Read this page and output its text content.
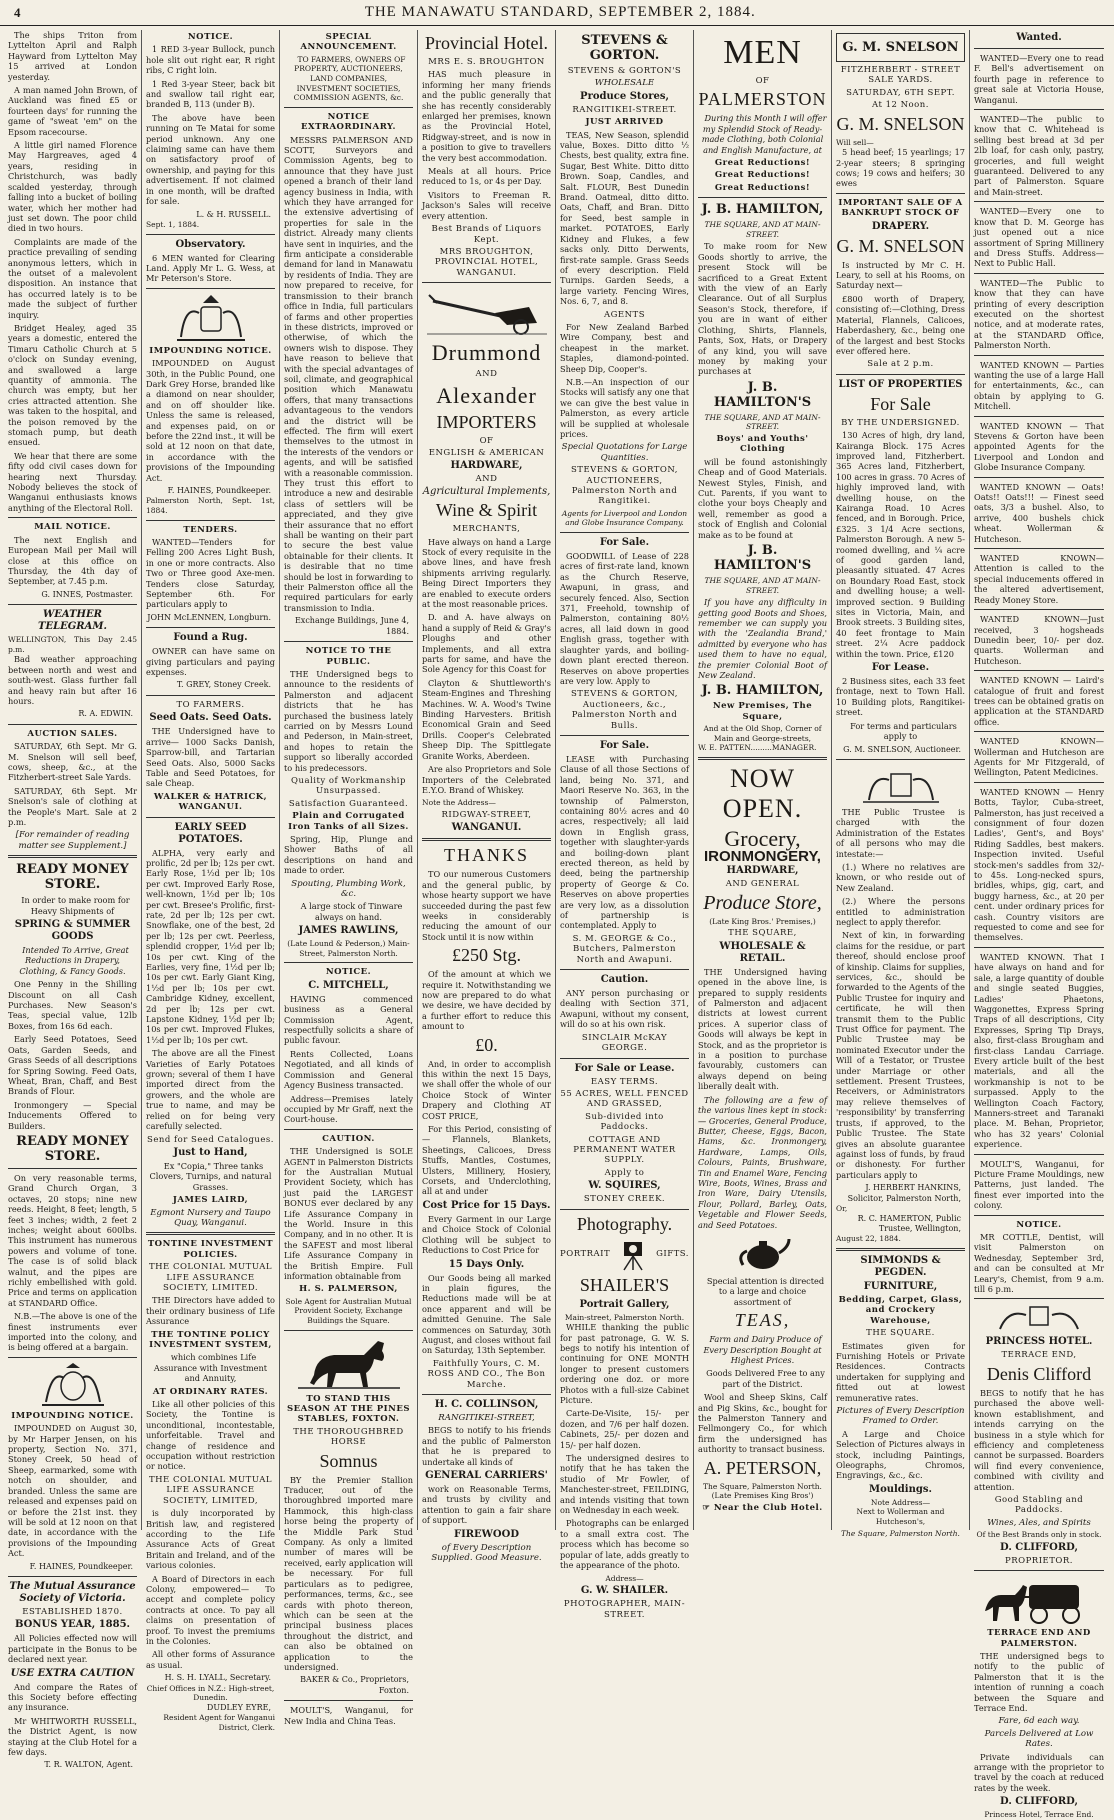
4	THE MANAWATU STANDARD, SEPTEMBER 2, 1884.

The ships Triton from Lyttelton April and Ralph Hayward from Lyttelton May 15 arrived at London yesterday.

A man named John Brown, of Auckland was fined £5 or fourteen days' for running the game of "sweat 'em" on the Epsom racecourse.

A little girl named Florence May Hargreaves, aged 4 years, residing in Christchurch, was badly scalded yesterday, through falling into a bucket of boiling water, which her mother had just set down. The poor child died in two hours.

Complaints are made of the practice prevailing of sending anonymous letters, which in the outset of a malevolent disposition. An instance that has occurred lately is to be made the subject of further inquiry.

Bridget Healey, aged 35 years a domestic, entered the Timaru Catholic Church at 5 o'clock on Sunday evening, and swallowed a large quantity of ammonia. The church was empty, but her cries attracted attention. She was taken to the hospital, and the poison removed by the stomach pump, but death ensued.

We hear that there are some fifty odd civil cases down for hearing next Thursday. Nobody believes the stock of Wanganui enthusiasts knows anything of the Electoral Roll.

MAIL NOTICE.

The next English and European Mail per Mail will close at this office on Thursday, the 4th day of September, at 7.45 p.m.

G. INNES, Postmaster.
WEATHER TELEGRAM.
WELLINGTON, This Day 2.45 p.m.

Bad weather approaching between north and west and south-west. Glass further fall and heavy rain but after 16 hours.

R. A. EDWIN.
AUCTION SALES.

SATURDAY, 6th Sept. Mr G. M. Snelson will sell beef, cows, sheep, &c., at the Fitzherbert-street Sale Yards.

SATURDAY, 6th Sept. Mr Snelson's sale of clothing at the People's Mart. Sale at 2 p.m.

[For remainder of reading matter see Supplement.]
READY MONEY STORE.

In order to make room for Heavy Shipments of

SPRING & SUMMER GOODS

Intended To Arrive, Great Reductions in Drapery, Clothing, & Fancy Goods.

One Penny in the Shilling Discount on all Cash Purchases. New Season's Teas, special value, 12lb Boxes, from 16s 6d each.

Early Seed Potatoes, Seed Oats, Garden Seeds, and Grass Seeds of all descriptions for Spring Sowing. Feed Oats, Wheat, Bran, Chaff, and Best Brands of Flour.

Ironmongery — Special Inducements Offered to Builders.

READY MONEY STORE.

On very reasonable terms, Grand Church Organ, 3 octaves, 20 stops; nine new reeds. Height, 8 feet; length, 5 feet 3 inches; width, 2 feet 2 inches; weight about 600lbs. This instrument has numerous powers and volume of tone. The case is of solid black walnut, and the pipes are richly embellished with gold. Price and terms on application at STANDARD Office.

N.B.—The above is one of the finest instruments ever imported into the colony, and is being offered at a bargain.

IMPOUNDING NOTICE.

IMPOUNDED on August 30, by Mr Harper Jensen, on his property, Section No. 371, Stoney Creek, 50 head of Sheep, earmarked, some with notch on shoulder, and branded. Unless the same are released and expenses paid on or before the 21st inst. they will be sold at 12 noon on that date, in accordance with the provisions of the Impounding Act.

F. HAINES, Poundkeeper.
The Mutual Assurance Society of Victoria.
ESTABLISHED 1870.
BONUS YEAR, 1885.

All Policies effected now will participate in the Bonus to be declared next year.

USE EXTRA CAUTION

And compare the Rates of this Society before effecting any insurance.

Mr WHITWORTH RUSSELL, the District Agent, is now staying at the Club Hotel for a few days.

T. R. WALTON, Agent.
NOTICE.

1 RED 3-year Bullock, punch hole slit out right ear, R right ribs, C right loin.

1 Red 3-year Steer, back bit and swallow tail right ear, branded B, 113 (under B).

The above have been running on Te Matai for some period unknown. Any one claiming same can have them on satisfactory proof of ownership, and paying for this advertisement. If not claimed in one month, will be drafted for sale.

L. & H. RUSSELL.
Sept. 1, 1884.
Observatory.

6 MEN wanted for Clearing Land. Apply Mr L. G. Wess, at Mr Peterson's Store.

IMPOUNDING NOTICE.

IMPOUNDED on August 30th, in the Public Pound, one Dark Grey Horse, branded like a diamond on near shoulder, and on off shoulder like. Unless the same is released, and expenses paid, on or before the 22nd inst., it will be sold at 12 noon on that date, in accordance with the provisions of the Impounding Act.

F. HAINES, Poundkeeper.
Palmerston North, Sept. 1st, 1884.
TENDERS.

WANTED—Tenders for Felling 200 Acres Light Bush, in one or more contracts. Also Two or Three good Axe-men. Tenders close Saturday, September 6th. For particulars apply to

JOHN McLENNEN, Longburn.
Found a Rug.

OWNER can have same on giving particulars and paying expenses.

T. GREY, Stoney Creek.
TO FARMERS.
Seed Oats. Seed Oats.

THE Undersigned have to arrive— 1000 Sacks Danish, Sparrow-bill, and Tartarian Seed Oats. Also, 5000 Sacks Table and Seed Potatoes, for sale Cheap.

WALKER & HATRICK, WANGANUI.
EARLY SEED POTATOES.

ALPHA, very early and prolific, 2d per lb; 12s per cwt. Early Rose, 1½d per lb; 10s per cwt. Improved Early Rose, well-known, 1½d per lb; 10s per cwt. Bresee's Prolific, first-rate, 2d per lb; 12s per cwt. Snowflake, one of the best, 2d per lb; 12s per cwt. Peerless, splendid cropper, 1½d per lb; 10s per cwt. King of the Earlies, very fine, 1½d per lb; 10s per cwt. Early Giant King, 1½d per lb; 10s per cwt. Cambridge Kidney, excellent, 2d per lb; 12s per cwt. Lapstone Kidney, 1½d per lb; 10s per cwt. Improved Flukes, 1½d per lb; 10s per cwt.

The above are all the Finest Varieties of Early Potatoes grown; several of them I have imported direct from the growers, and the whole are true to name, and may be relied on for being very carefully selected.

Send for Seed Catalogues.
Just to Hand,

Ex "Copia," Three tanks Clovers, Turnips, and natural Grasses.

JAMES LAIRD,
Egmont Nursery and Taupo Quay, Wanganui.
TONTINE INVESTMENT POLICIES.
THE COLONIAL MUTUAL LIFE ASSURANCE SOCIETY, LIMITED.

THE Directors have added to their ordinary business of Life Assurance

THE TONTINE POLICY INVESTMENT SYSTEM,

which combines Life Assurance with Investment and Annuity,

AT ORDINARY RATES.

Like all other policies of this Society, the Tontine is unconditional, incontestable, unforfeitable. Travel and change of residence and occupation without restriction or notice.

THE COLONIAL MUTUAL LIFE ASSURANCE SOCIETY, LIMITED,

is duly incorporated by British law, and registered according to the Life Assurance Acts of Great Britain and Ireland, and of the various colonies.

A Board of Directors in each Colony, empowered— To accept and complete policy contracts at once. To pay all claims on presentation of proof. To invest the premiums in the Colonies.

All other forms of Assurance as usual.

H. S. H. LYALL, Secretary.
Chief Offices in N.Z.: High-street, Dunedin.
DUDLEY EYRE,
Resident Agent for Wanganui District, Clerk.
SPECIAL ANNOUNCEMENT.

TO FARMERS, OWNERS OF PROPERTY, AUCTIONEERS, LAND COMPANIES, INVESTMENT SOCIETIES, COMMISSION AGENTS, &c.

NOTICE EXTRAORDINARY.

MESSRS PALMERSON AND SCOTT, Surveyors and Commission Agents, beg to announce that they have just opened a branch of their land agency business in India, with which they have arranged for the extensive advertising of properties for sale in the district. Already many clients have sent in inquiries, and the firm anticipate a considerable demand for land in Manawatu by residents of India. They are now prepared to receive, for transmission to their branch office in India, full particulars of farms and other properties in these districts, improved or otherwise, of which the owners wish to dispose. They have reason to believe that with the special advantages of soil, climate, and geographical position which Manawatu offers, that many transactions advantageous to the vendors and the district will be effected. The firm will exert themselves to the utmost in the interests of the vendors or agents, and will be satisfied with a reasonable commission. They trust this effort to introduce a new and desirable class of settlers will be appreciated, and they give their assurance that no effort shall be wanting on their part to secure the best value obtainable for their clients. It is desirable that no time should be lost in forwarding to their Palmerston office all the required particulars for early transmission to India.

Exchange Buildings, June 4, 1884.
NOTICE TO THE PUBLIC.

THE Undersigned begs to announce to the residents of Palmerston and adjacent districts that he has purchased the business lately carried on by Messrs Lound and Pederson, in Main-street, and hopes to retain the support so liberally accorded to his predecessors.

Quality of Workmanship Unsurpassed.
Satisfaction Guaranteed.
Plain and Corrugated Iron Tanks of all Sizes.

Spring, Hip, Plunge and Shower Baths of all descriptions on hand and made to order.

Spouting, Plumbing Work, &c.

A large stock of Tinware always on hand.

JAMES RAWLINS,
(Late Lound & Pederson,) Main-Street, Palmerston North.
NOTICE.
C. MITCHELL,

HAVING commenced business as a General Commission Agent, respectfully solicits a share of public favour.

Rents Collected, Loans Negotiated, and all kinds of Commission and General Agency Business transacted.

Address—Premises lately occupied by Mr Graff, next the Court-house.

CAUTION.

THE Undersigned is SOLE AGENT in Palmerston Districts for the Australian Mutual Provident Society, which has just paid the LARGEST BONUS ever declared by any Life Assurance Company in the World. Insure in this Company, and in no other. It is the SAFEST and most liberal Life Assurance Company in the British Empire. Full information obtainable from

H. S. PALMERSON,
Sole Agent for Australian Mutual Provident Society, Exchange Buildings the Square.
TO STAND THIS SEASON AT THE PINES STABLES, FOXTON.
THE THOROUGHBRED HORSE
Somnus

BY the Premier Stallion Traducer, out of the thoroughbred imported mare Hammock, this high-class horse being the property of the Middle Park Stud Company. As only a limited number of mares will be received, early application will be necessary. For full particulars as to pedigree, performances, terms, &c., see cards with photo thereon, which can be seen at the principal business places throughout the district, and can also be obtained on application to the undersigned.

BAKER & Co., Proprietors, Foxton.

MOULT'S, Wanganui, for New India and China Teas.

Provincial Hotel.
MRS E. S. BROUGHTON

HAS much pleasure in informing her many friends and the public generally that she has recently considerably enlarged her premises, known as the Provincial Hotel, Ridgway-street, and is now in a position to give to travellers the very best accommodation.

Meals at all hours. Price reduced to 1s, or 4s per Day.

Visitors to Freeman R. Jackson's Sales will receive every attention.

Best Brands of Liquors Kept.
MRS BROUGHTON, PROVINCIAL HOTEL, WANGANUI.
Drummond
AND
Alexander
IMPORTERS
OF
ENGLISH & AMERICAN
HARDWARE,
AND
Agricultural Implements,
Wine & Spirit
MERCHANTS,

Have always on hand a Large Stock of every requisite in the above lines, and have fresh shipments arriving regularly. Being Direct Importers they are enabled to execute orders at the most reasonable prices.

D. and A. have always on hand a supply of Reid & Gray's Ploughs and other Implements, and all extra parts for same, and have the Sole Agency for this Coast for

Clayton & Shuttleworth's Steam-Engines and Threshing Machines. W. A. Wood's Twine Binding Harvesters. British Economical Grain and Seed Drills. Cooper's Celebrated Sheep Dip. The Spittlegate Granite Works, Aberdeen.

Are also Proprietors and Sole Importers of the Celebrated E.Y.O. Brand of Whiskey.

Note the Address—
RIDGWAY-STREET,
WANGANUI.
THANKS

TO our numerous Customers and the general public, by whose hearty support we have succeeded during the past few weeks in considerably reducing the amount of our Stock until it is now within

£250 Stg.

Of the amount at which we require it. Notwithstanding we now are prepared to do what we desire, we have decided by a further effort to reduce this amount to

£0.

And, in order to accomplish this within the next 15 Days, we shall offer the whole of our Choice Stock of Winter Drapery and Clothing AT COST PRICE,

For this Period, consisting of— Flannels, Blankets, Sheetings, Calicoes, Dress Stuffs, Mantles, Costumes, Ulsters, Millinery, Hosiery, Corsets, and Underclothing, all at and under

Cost Price for 15 Days.

Every Garment in our Large and Choice Stock of Colonial Clothing will be subject to Reductions to Cost Price for

15 Days Only.

Our Goods being all marked in plain figures, the Reductions made will be at once apparent and will be admitted Genuine. The Sale commences on Saturday, 30th August, and closes without fail on Saturday, 13th September.

Faithfully Yours, C. M. ROSS AND CO., The Bon Marche.
H. C. COLLINSON,
RANGITIKEI-STREET,

BEGS to notify to his friends and the public of Palmerston that he is prepared to undertake all kinds of

GENERAL CARRIERS'

work on Reasonable Terms, and trusts by civility and attention to gain a fair share of support.

FIREWOOD
of Every Description Supplied. Good Measure.
STEVENS & GORTON.
STEVENS & GORTON'S
WHOLESALE
Produce Stores,
RANGITIKEI-STREET.
JUST ARRIVED

TEAS, New Season, splendid value, Boxes. Ditto ditto ½ Chests, best quality, extra fine. Sugar, Best White. Ditto ditto Brown. Soap, Candles, and Salt. FLOUR, Best Dunedin Brand. Oatmeal, ditto ditto. Oats, Chaff, and Bran. Ditto for Seed, best sample in market. POTATOES, Early Kidney and Flukes, a few sacks only. Ditto Derwents, first-rate sample. Grass Seeds of every description. Field Turnips. Garden Seeds, a large variety. Fencing Wires, Nos. 6, 7, and 8.

AGENTS

For New Zealand Barbed Wire Company, best and cheapest in the market. Staples, diamond-pointed. Sheep Dip, Cooper's.

N.B.—An inspection of our Stocks will satisfy any one that we can give the best value in Palmerston, as every article will be supplied at wholesale prices.

Special Quotations for Large Quantities.
STEVENS & GORTON, AUCTIONEERS, Palmerston North and Rangitikei.
Agents for Liverpool and London and Globe Insurance Company.
For Sale.

GOODWILL of Lease of 228 acres of first-rate land, known as the Church Reserve, Awapuni, in grass, and securely fenced. Also, Section 371, Freehold, township of Palmerston, containing 80½ acres, all laid down in good English grass, together with slaughter yards, and boiling-down plant erected thereon. Reserves on above properties are very low. Apply to

STEVENS & GORTON, Auctioneers, &c., Palmerston North and Bulls.
For Sale.

LEASE with Purchasing Clause of all those Sections of land, being No. 371, and Maori Reserve No. 363, in the township of Palmerston, containing 80½ acres and 40 acres, respectively; all laid down in English grass, together with slaughter-yards and boiling-down plant erected thereon, as held by deed, being the partnership property of George & Co. Reserves on above properties are very low, as a dissolution of partnership is contemplated. Apply to

S. M. GEORGE & Co., Butchers, Palmerston North and Awapuni.
Caution.

ANY person purchasing or dealing with Section 371, Awapuni, without my consent, will do so at his own risk.

SINCLAIR McKAY GEORGE.
For Sale or Lease.
EASY TERMS.
55 ACRES, WELL FENCED AND GRASSED,
Sub-divided into Paddocks.
COTTAGE AND PERMANENT WATER SUPPLY.
Apply to
W. SQUIRES,
STONEY CREEK.
Photography.
PORTRAIT	GIFTS.
SHAILER'S
Portrait Gallery,
Main-street, Palmerston North.

WHILE thanking the public for past patronage, G. W. S. begs to notify his intention of continuing for ONE MONTH longer to present customers ordering one doz. or more Photos with a full-size Cabinet Picture.

Carte-De-Visite, 15/- per dozen, and 7/6 per half dozen. Cabinets, 25/- per dozen and 15/- per half dozen.

The undersigned desires to notify that he has taken the studio of Mr Fowler, of Manchester-street, FEILDING, and intends visiting that town on Wednesday in each week.

Photographs can be enlarged to a small extra cost. The process which has become so popular of late, adds greatly to the appearance of the photo.

Address—
G. W. SHAILER.
PHOTOGRAPHER, MAIN-STREET.
MEN
OF
PALMERSTON

During this Month I will offer my Splendid Stock of Ready-made Clothing, both Colonial and English Manufacture, at

Great Reductions!
Great Reductions!
Great Reductions!
J. B. HAMILTON,
THE SQUARE, AND AT MAIN-STREET.

To make room for New Goods shortly to arrive, the present Stock will be sacrificed to a Great Extent with the view of an Early Clearance. Out of all Surplus Season's Stock, therefore, if you are in want of either Clothing, Shirts, Flannels, Pants, Sox, Hats, or Drapery of any kind, you will save money by making your purchases at

J. B. HAMILTON'S
THE SQUARE, AND AT MAIN-STREET.
Boys' and Youths' Clothing

will be found astonishingly Cheap and of Good Materials. Newest Styles, Finish, and Cut. Parents, if you want to clothe your boys Cheaply and well, remember as good a stock of English and Colonial make as to be found at

J. B. HAMILTON'S
THE SQUARE, AND AT MAIN-STREET.

If you have any difficulty in getting good Boots and Shoes, remember we can supply you with the 'Zealandia Brand,' admitted by everyone who has used them to have no equal, the premier Colonial Boot of New Zealand.

J. B. HAMILTON,
New Premises, The Square,
And at the Old Shop, Corner of Main and George-streets,
W. E. PATTEN.........MANAGER.
NOW OPEN.
Grocery,
IRONMONGERY,
HARDWARE,
AND GENERAL
Produce Store,
(Late King Bros.' Premises,)
THE SQUARE,
WHOLESALE & RETAIL.

THE Undersigned having opened in the above line, is prepared to supply residents of Palmerston and adjacent districts at lowest current prices. A superior class of Goods will always be kept in Stock, and as the proprietor is in a position to purchase favourably, customers can always depend on being liberally dealt with.

The following are a few of the various lines kept in stock:— Groceries, General Produce, Butter, Cheese, Eggs, Bacon, Hams, &c. Ironmongery, Hardware, Lamps, Oils, Colours, Paints, Brushware, Tin and Enamel Ware, Fencing Wire, Boots, Wines, Brass and Iron Ware, Dairy Utensils, Flour, Pollard, Barley, Oats, Vegetable and Flower Seeds, and Seed Potatoes.

Special attention is directed to a large and choice assortment of

TEAS,

Farm and Dairy Produce of Every Description Bought at Highest Prices.

Goods Delivered Free to any part of the District.

Wool and Sheep Skins, Calf and Pig Skins, &c., bought for the Palmerston Tannery and Fellmongery Co., for which firm the undersigned has authority to transact business.

A. PETERSON,
The Square, Palmerston North. (Late Premises King Bros')
☞ Near the Club Hotel.
G. M. SNELSON
FITZHERBERT - STREET SALE YARDS.
SATURDAY, 6TH SEPT.
At 12 Noon.
G. M. SNELSON
Will sell—

5 head beef; 15 yearlings; 17 2-year steers; 8 springing cows; 19 cows and heifers; 30 ewes

IMPORTANT SALE OF A BANKRUPT STOCK OF
DRAPERY.
G. M. SNELSON

Is instructed by Mr C. H. Leary, to sell at his Rooms, on Saturday next—

£800 worth of Drapery, consisting of:—Clothing, Dress Material, Flannels, Calicoes, Haberdashery, &c., being one of the largest and best Stocks ever offered here.

Sale at 2 p.m.
LIST OF PROPERTIES
For Sale
BY THE UNDERSIGNED.

130 Acres of high, dry land, Kairanga Block. 175 Acres improved land, Fitzherbert. 365 Acres land, Fitzherbert, 100 acres in grass. 70 Acres of highly improved land, with dwelling house, on the Kairanga Road. 10 Acres fenced, and in Borough. Price, £325. 3 1/4 Acre sections, Palmerston Borough. A new 5-roomed dwelling, and ¼ acre of good garden land, pleasantly situated. 47 Acres on Boundary Road East, stock and dwelling house; a well-improved section. 9 Building sites in Victoria, Main, and Brook streets. 3 Building sites, 40 feet frontage to Main street. 2¼ Acre paddock within the town. Price, £120

For Lease.

2 Business sites, each 33 feet frontage, next to Town Hall. 10 Building plots, Rangitikei-street.

For terms and particulars apply to

G. M. SNELSON, Auctioneer.

THE Public Trustee is charged with the Administration of the Estates of all persons who may die intestate:—

(1.) Where no relatives are known, or who reside out of New Zealand.

(2.) Where the persons entitled to administration neglect to apply therefor.

Next of kin, in forwarding claims for the residue, or part thereof, should enclose proof of kinship. Claims for supplies, services, &c., should be forwarded to the Agents of the Public Trustee for inquiry and certificate, he will then transmit them to the Public Trust Office for payment. The Public Trustee may be nominated Executor under the Will of a Testator, or Trustee under Marriage or other settlement. Present Trustees, Receivers, or Administrators may relieve themselves of 'responsibility' by transferring trusts, if approved, to the Public Trustee. The State gives an absolute guarantee against loss of funds, by fraud or dishonesty. For further particulars apply to

J. HERBERT HANKINS, Solicitor, Palmerston North,
Or,
R. C. HAMERTON, Public Trustee, Wellington,
August 22, 1884.
SIMMONDS & PEGDEN.
FURNITURE,
Bedding, Carpet, Glass, and Crockery Warehouse,
THE SQUARE.

Estimates given for Furnishing Hotels or Private Residences. Contracts undertaken for supplying and fitted out at lowest remunerative rates.

Pictures of Every Description Framed to Order.

A Large and Choice Selection of Pictures always in stock, including Paintings, Oleographs, Chromos, Engravings, &c., &c.

Mouldings.
Note Address—
Next to Wollerman and Hutcheson's,
The Square, Palmerston North.
Wanted.

WANTED—Every one to read F. Bell's advertisement on fourth page in reference to great sale at Victoria House, Wanganui.

WANTED—The public to know that C. Whitehead is selling best bread at 3d per 2lb loaf, for cash only, pastry, groceries, and full weight guaranteed. Delivered to any part of Palmerston. Square and Main-street.

WANTED—Every one to know that D. M. George has just opened out a nice assortment of Spring Millinery and Dress Stuffs. Address—Next to Public Hall.

WANTED—The Public to know that they can have printing of every description executed on the shortest notice, and at moderate rates, at the STANDARD Office, Palmerston North.

WANTED KNOWN — Parties wanting the use of a large Hall for entertainments, &c., can obtain by applying to G. Mitchell.

WANTED KNOWN — That Stevens & Gorton have been appointed Agents for the Liverpool and London and Globe Insurance Company.

WANTED KNOWN — Oats! Oats!! Oats!!! — Finest seed oats, 3/3 a bushel. Also, to arrive, 400 bushels chick wheat. Wollerman & Hutcheson.

WANTED KNOWN—Attention is called to the special inducements offered in the altered advertisement, Ready Money Store.

WANTED KNOWN—Just received, 3 hogsheads Dunedin beer, 10/- per doz. quarts. Wollerman and Hutcheson.

WANTED KNOWN — Laird's catalogue of fruit and forest trees can be obtained gratis on application at the STANDARD office.

WANTED KNOWN—Wollerman and Hutcheson are Agents for Mr Fitzgerald, of Wellington, Patent Medicines.

WANTED KNOWN — Henry Botts, Taylor, Cuba-street, Palmerston, has just received a consignment of four dozen Ladies', Gent's, and Boys' Riding Saddles, best makers. Inspection invited. Useful stock-men's saddles from 32/- to 45s. Long-necked spurs, bridles, whips, gig, cart, and buggy harness, &c., at 20 per cent. under ordinary prices for cash. Country visitors are requested to come and see for themselves.

WANTED KNOWN. That I have always on hand and for sale, a large quantity of double and single seated Buggies, Ladies' Phaetons, Waggonettes, Express Spring Traps of all descriptions, City Expresses, Spring Tip Drays, also, first-class Brougham and first-class Landau Carriage. Every article built of the best materials, and all the workmanship is not to be surpassed. Apply to the Wellington Coach Factory, Manners-street and Taranaki place. M. Behan, Proprietor, who has 32 years' Colonial experience.

MOULT'S, Wanganui, for Picture Frame Mouldings, new Patterns, just landed. The finest ever imported into the colony.

NOTICE.

MR COTTLE, Dentist, will visit Palmerston on Wednesday, September 3rd, and can be consulted at Mr Leary's, Chemist, from 9 a.m. till 6 p.m.

PRINCESS HOTEL.
TERRACE END,
Denis Clifford

BEGS to notify that he has purchased the above well-known establishment, and intends carrying on the business in a style which for efficiency and completeness cannot be surpassed. Boarders will find every convenience, combined with civility and attention.

Good Stabling and Paddocks.
Wines, Ales, and Spirits
Of the Best Brands only in stock.
D. CLIFFORD,
PROPRIETOR.
TERRACE END AND PALMERSTON.

THE undersigned begs to notify to the public of Palmerston that it is the intention of running a coach between the Square and Terrace End.

Fare, 6d each way.
Parcels Delivered at Low Rates.

Private individuals can arrange with the proprietor to travel by the coach at reduced rates by the week.

D. CLIFFORD,
Princess Hotel, Terrace End.
